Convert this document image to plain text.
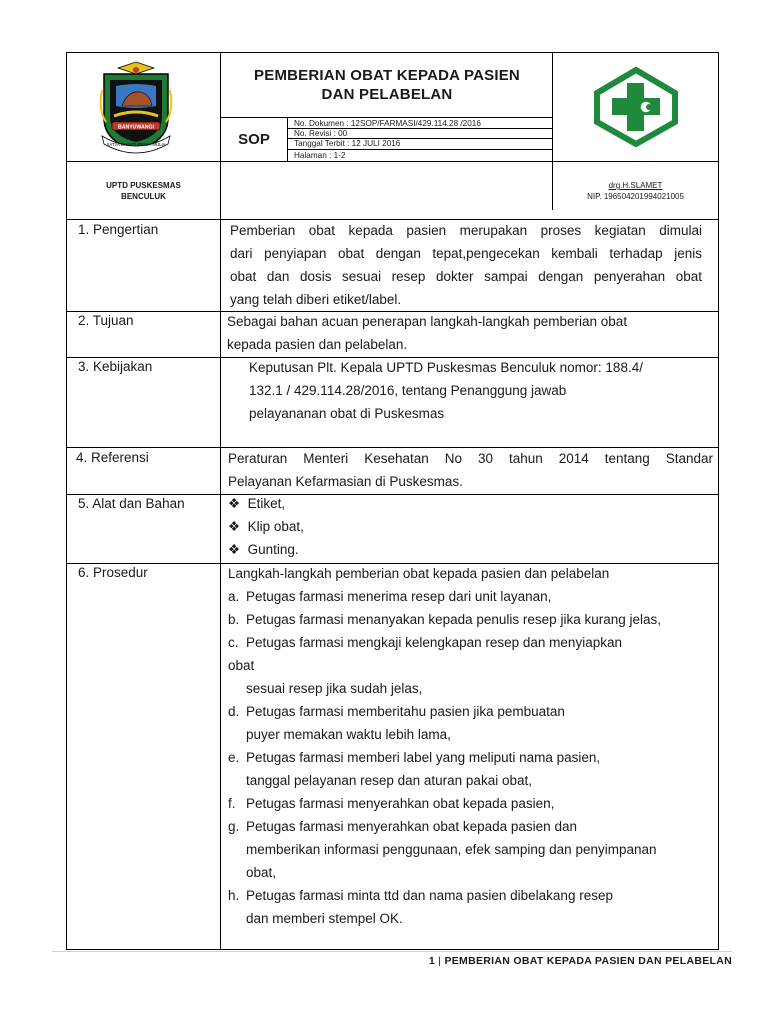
BANYUWANGI
SATYA BHAKTI PRAJA MULIA
PEMBERIAN OBAT KEPADA PASIEN
DAN PELABELAN
SOP
No. Dokumen : 12SOP/FARMASI/429.114.28 /2016
No. Revisi : 00
Tanggal Terbit : 12 JULI 2016
Halaman : 1-2
UPTD PUSKESMAS
BENCULUK
drg.H.SLAMET
NIP. 196504201994021005
1. Pengertian	Pemberian obat kepada pasien merupakan proses kegiatan dimulai
dari penyiapan obat dengan tepat,pengecekan kembali terhadap jenis
obat dan dosis sesuai resep dokter sampai dengan penyerahan obat
yang telah diberi etiket/label.
2. Tujuan	Sebagai bahan acuan penerapan langkah-langkah pemberian obat
kepada pasien dan pelabelan.
3. Kebijakan	Keputusan Plt. Kepala UPTD Puskesmas Benculuk nomor: 188.4/
132.1 / 429.114.28/2016, tentang Penanggung jawab
pelayananan obat di Puskesmas
4. Referensi	Peraturan Menteri Kesehatan No 30 tahun 2014 tentang Standar
Pelayanan Kefarmasian di Puskesmas.
5. Alat dan Bahan	❖ Etiket,
❖ Klip obat,
❖ Gunting.
6. Prosedur	Langkah-langkah pemberian obat kepada pasien dan pelabelan
a. Petugas farmasi menerima resep dari unit layanan,
b. Petugas farmasi menanyakan kepada penulis resep jika kurang jelas,
c. Petugas farmasi mengkaji kelengkapan resep dan menyiapkan
obat
sesuai resep jika sudah jelas,
d. Petugas farmasi memberitahu pasien jika pembuatan
puyer memakan waktu lebih lama,
e. Petugas farmasi memberi label yang meliputi nama pasien,
tanggal pelayanan resep dan aturan pakai obat,
f. Petugas farmasi menyerahkan obat kepada pasien,
g. Petugas farmasi menyerahkan obat kepada pasien dan
memberikan informasi penggunaan, efek samping dan penyimpanan
obat,
h. Petugas farmasi minta ttd dan nama pasien dibelakang resep
dan memberi stempel OK.
1 | PEMBERIAN OBAT KEPADA PASIEN DAN PELABELAN
